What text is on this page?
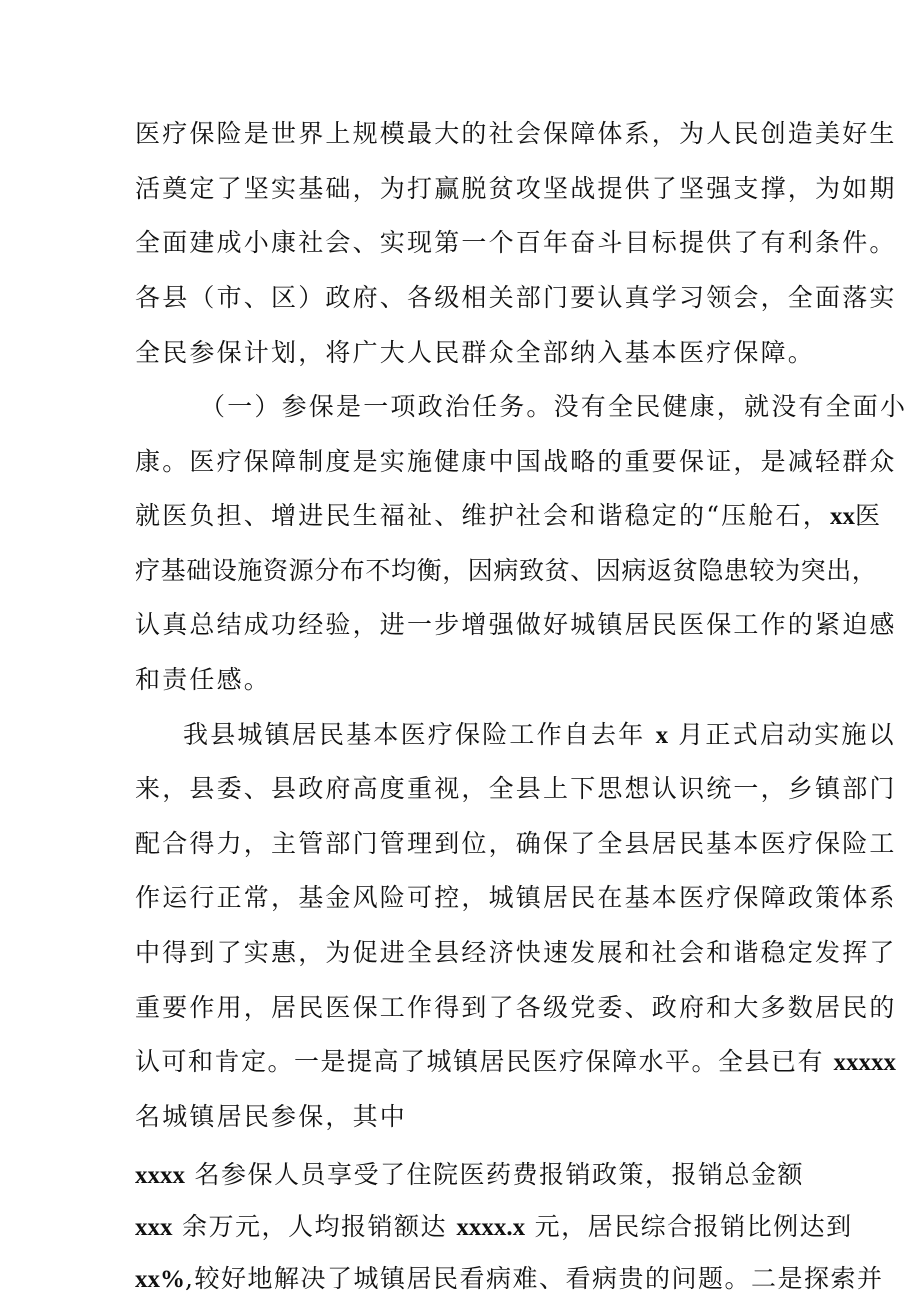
医疗保险是世界上规模最大的社会保障体系，为人民创造美好生
活奠定了坚实基础，为打赢脱贫攻坚战提供了坚强支撑，为如期
全面建成小康社会、实现第一个百年奋斗目标提供了有利条件。
各县（市、区）政府、各级相关部门要认真学习领会，全面落实
全民参保计划，将广大人民群众全部纳入基本医疗保障。
（一）参保是一项政治任务。没有全民健康，就没有全面小
康。医疗保障制度是实施健康中国战略的重要保证，是减轻群众
就医负担、增进民生福祉、维护社会和谐稳定的“压舱石，xx医
疗基础设施资源分布不均衡，因病致贫、因病返贫隐患较为突出，
认真总结成功经验，进一步增强做好城镇居民医保工作的紧迫感
和责任感。
我县城镇居民基本医疗保险工作自去年 x 月正式启动实施以
来，县委、县政府高度重视，全县上下思想认识统一，乡镇部门
配合得力，主管部门管理到位，确保了全县居民基本医疗保险工
作运行正常，基金风险可控，城镇居民在基本医疗保障政策体系
中得到了实惠，为促进全县经济快速发展和社会和谐稳定发挥了
重要作用，居民医保工作得到了各级党委、政府和大多数居民的
认可和肯定。一是提高了城镇居民医疗保障水平。全县已有 xxxxx
名城镇居民参保，其中
xxxx 名参保人员享受了住院医药费报销政策，报销总金额
xxx 余万元，人均报销额达 xxxx.x 元，居民综合报销比例达到
xx%,较好地解决了城镇居民看病难、看病贵的问题。二是探索并
